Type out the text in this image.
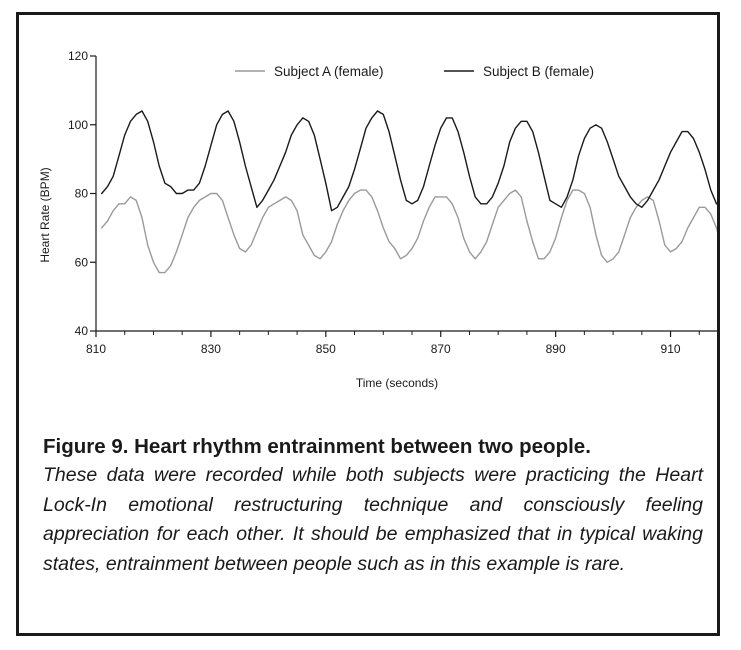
40
60
80
100
120
810	830	850	870	890	910
Subject A (female)	Subject B (female)
Time (seconds)
Heart Rate (BPM)

Figure 9. Heart rhythm entrainment between two people.

These data were recorded while both subjects were practicing the Heart Lock-In emotional restructuring technique and consciously feeling appreciation for each other. It should be emphasized that in typical waking states, entrainment between people such as in this example is rare.
